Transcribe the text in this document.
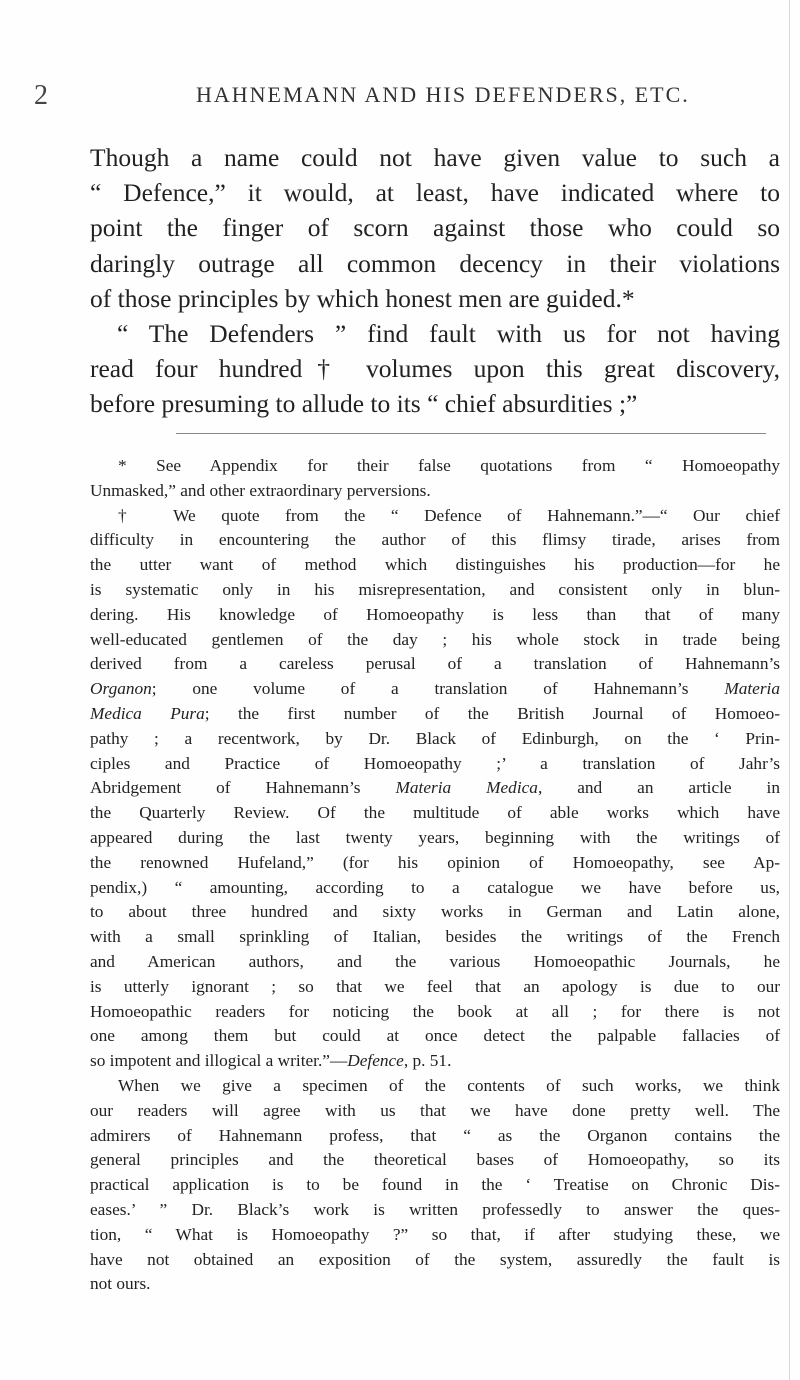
2	HAHNEMANN AND HIS DEFENDERS, ETC.
Though a name could not have given value to such a
“ Defence,” it would, at least, have indicated where to
point the finger of scorn against those who could so
daringly outrage all common decency in their violations
of those principles by which honest men are guided.*
“ The Defenders ” find fault with us for not having
read four hundred† volumes upon this great discovery,
before presuming to allude to its “ chief absurdities ;”
* See Appendix for their false quotations from “ Homoeopathy
Unmasked,” and other extraordinary perversions.
† We quote from the “ Defence of Hahnemann.”—“ Our chief
difficulty in encountering the author of this flimsy tirade, arises from
the utter want of method which distinguishes his production—for he
is systematic only in his misrepresentation, and consistent only in blun-
dering. His knowledge of Homoeopathy is less than that of many
well-educated gentlemen of the day ; his whole stock in trade being
derived from a careless perusal of a translation of Hahnemann’s
Organon; one volume of a translation of Hahnemann’s Materia
Medica Pura; the first number of the British Journal of Homoeo-
pathy ; a recentwork, by Dr. Black of Edinburgh, on the ‘ Prin-
ciples and Practice of Homoeopathy ;’ a translation of Jahr’s
Abridgement of Hahnemann’s Materia Medica, and an article in
the Quarterly Review. Of the multitude of able works which have
appeared during the last twenty years, beginning with the writings of
the renowned Hufeland,” (for his opinion of Homoeopathy, see Ap-
pendix,) “ amounting, according to a catalogue we have before us,
to about three hundred and sixty works in German and Latin alone,
with a small sprinkling of Italian, besides the writings of the French
and American authors, and the various Homoeopathic Journals, he
is utterly ignorant ; so that we feel that an apology is due to our
Homoeopathic readers for noticing the book at all ; for there is not
one among them but could at once detect the palpable fallacies of
so impotent and illogical a writer.”—Defence, p. 51.
When we give a specimen of the contents of such works, we think
our readers will agree with us that we have done pretty well. The
admirers of Hahnemann profess, that “ as the Organon contains the
general principles and the theoretical bases of Homoeopathy, so its
practical application is to be found in the ‘ Treatise on Chronic Dis-
eases.’ ” Dr. Black’s work is written professedly to answer the ques-
tion, “ What is Homoeopathy ?” so that, if after studying these, we
have not obtained an exposition of the system, assuredly the fault is
not ours.
